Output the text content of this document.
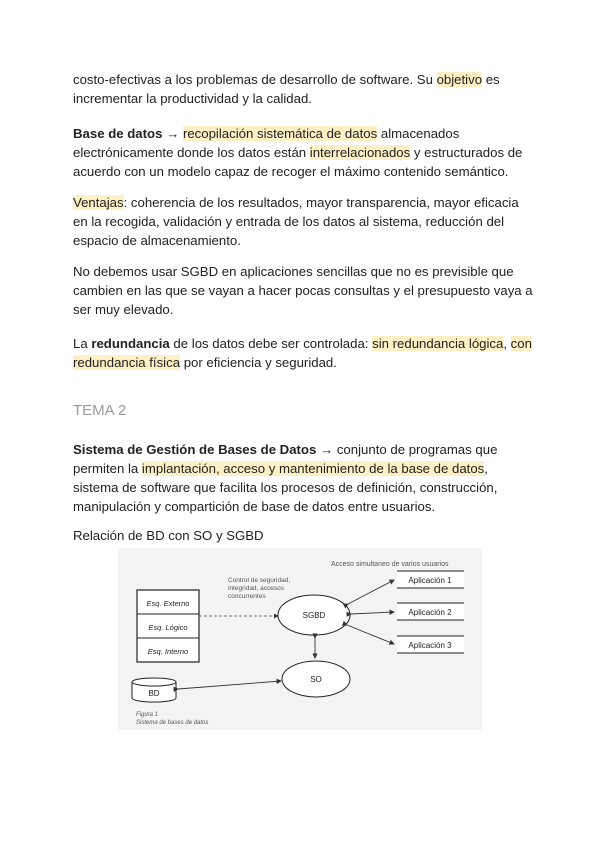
costo-efectivas a los problemas de desarrollo de software. Su objetivo es incrementar la productividad y la calidad.
Base de datos → recopilación sistemática de datos almacenados electrónicamente donde los datos están interrelacionados y estructurados de acuerdo con un modelo capaz de recoger el máximo contenido semántico.
Ventajas: coherencia de los resultados, mayor transparencia, mayor eficacia en la recogida, validación y entrada de los datos al sistema, reducción del espacio de almacenamiento.
No debemos usar SGBD en aplicaciones sencillas que no es previsible que cambien en las que se vayan a hacer pocas consultas y el presupuesto vaya a ser muy elevado.
La redundancia de los datos debe ser controlada: sin redundancia lógica, con redundancia física por eficiencia y seguridad.
TEMA 2
Sistema de Gestión de Bases de Datos → conjunto de programas que permiten la implantación, acceso y mantenimiento de la base de datos, sistema de software que facilita los procesos de definición, construcción, manipulación y compartición de base de datos entre usuarios.
Relación de BD con SO y SGBD
Acceso simultaneo de varios usuarios
Control de seguridad,
integridad, accesos
concurrentes
Esq. Externo
Esq. Lógico
Esq. Interno
SGBD
SO
BD
Aplicación 1
Aplicación 2
Aplicación 3
Figura 1
Sistema de bases de datos
